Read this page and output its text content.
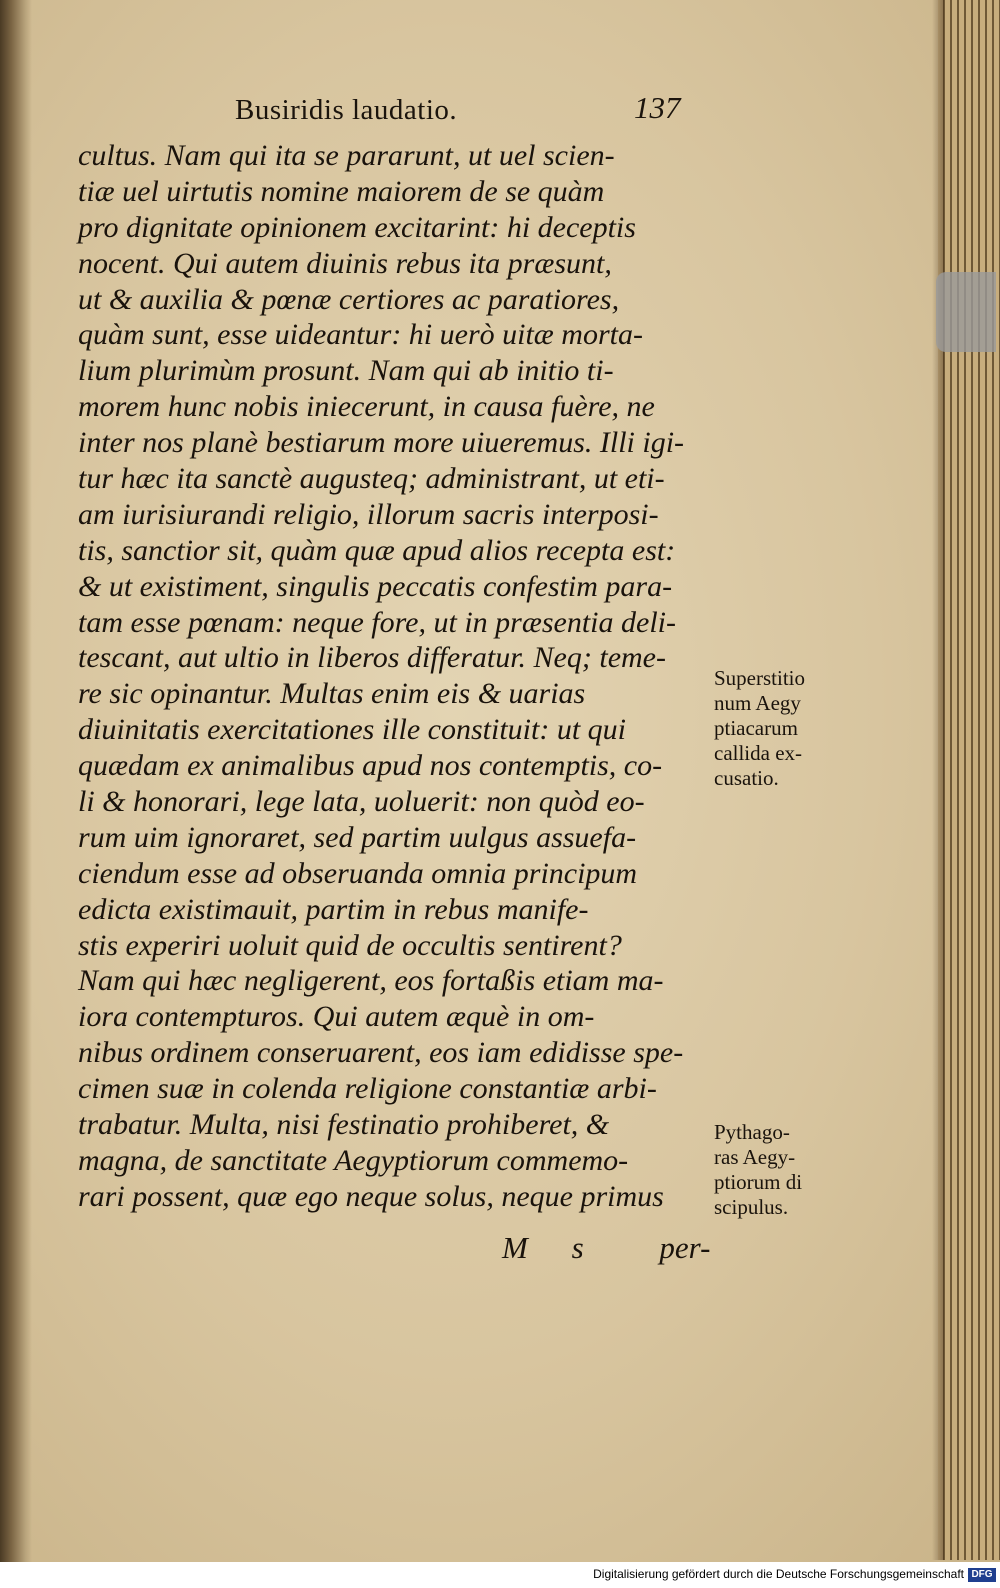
Busiridis laudatio.	137
cultus. Nam qui ita se pararunt, ut uel scien-
tiæ uel uirtutis nomine maiorem de se quàm
pro dignitate opinionem excitarint: hi deceptis
nocent. Qui autem diuinis rebus ita præsunt,
ut & auxilia & pœnæ certiores ac paratiores,
quàm sunt, esse uideantur: hi uerò uitæ morta-
lium plurimùm prosunt. Nam qui ab initio ti-
morem hunc nobis iniecerunt, in causa fuère, ne
inter nos planè bestiarum more uiueremus. Illi igi-
tur hæc ita sanctè augusteq; administrant, ut eti-
am iurisiurandi religio, illorum sacris interposi-
tis, sanctior sit, quàm quæ apud alios recepta est:
& ut existiment, singulis peccatis confestim para-
tam esse pœnam: neque fore, ut in præsentia deli-
tescant, aut ultio in liberos differatur. Neq; teme-
re sic opinantur. Multas enim eis & uarias
diuinitatis exercitationes ille constituit: ut qui
quædam ex animalibus apud nos contemptis, co-
li & honorari, lege lata, uoluerit: non quòd eo-
rum uim ignoraret, sed partim uulgus assuefa-
ciendum esse ad obseruanda omnia principum
edicta existimauit, partim in rebus manife-
stis experiri uoluit quid de occultis sentirent?
Nam qui hæc negligerent, eos fortaßis etiam ma-
iora contempturos. Qui autem æquè in om-
nibus ordinem conseruarent, eos iam edidisse spe-
cimen suæ in colenda religione constantiæ arbi-
trabatur. Multa, nisi festinatio prohiberet, &
magna, de sanctitate Aegyptiorum commemo-
rari possent, quæ ego neque solus, neque primus
Superstitio
num Aegy
ptiacarum
callida ex-
cusatio.
Pythago-
ras Aegy-
ptiorum di
scipulus.
M s per-
Digitalisierung gefördert durch die Deutsche Forschungsgemeinschaft DFG
